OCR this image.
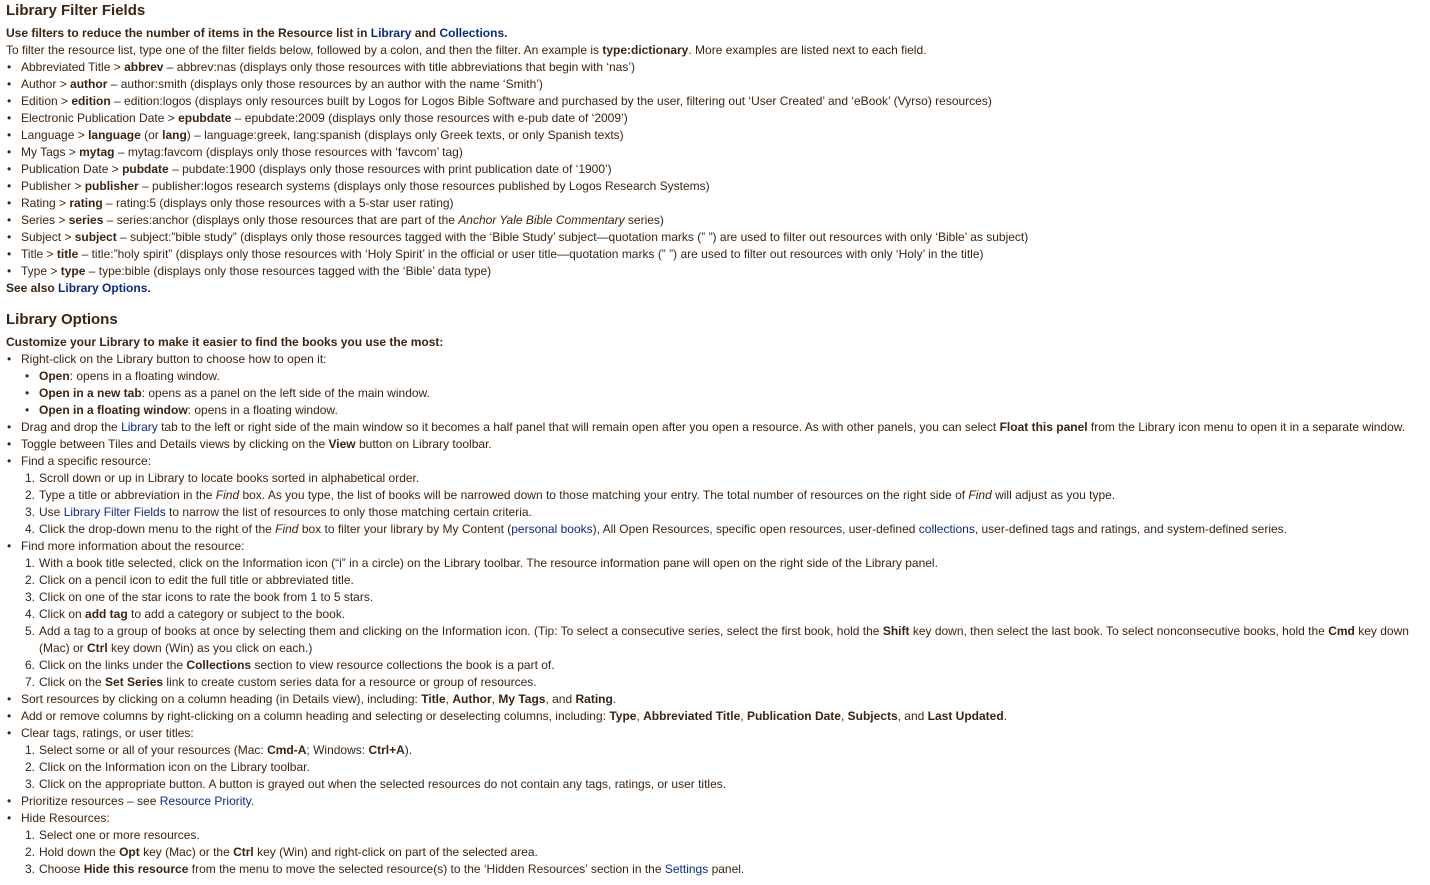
Library Filter Fields
Use filters to reduce the number of items in the Resource list in Library and Collections.
To filter the resource list, type one of the filter fields below, followed by a colon, and then the filter. An example is type:dictionary. More examples are listed next to each field.
• Abbreviated Title > abbrev – abbrev:nas (displays only those resources with title abbreviations that begin with ‘nas’)
• Author > author – author:smith (displays only those resources by an author with the name ‘Smith’)
• Edition > edition – edition:logos (displays only resources built by Logos for Logos Bible Software and purchased by the user, filtering out ‘User Created’ and ‘eBook’ (Vyrso) resources)
• Electronic Publication Date > epubdate – epubdate:2009 (displays only those resources with e-pub date of ‘2009’)
• Language > language (or lang) – language:greek, lang:spanish (displays only Greek texts, or only Spanish texts)
• My Tags > mytag – mytag:favcom (displays only those resources with ‘favcom’ tag)
• Publication Date > pubdate – pubdate:1900 (displays only those resources with print publication date of ‘1900’)
• Publisher > publisher – publisher:logos research systems (displays only those resources published by Logos Research Systems)
• Rating > rating – rating:5 (displays only those resources with a 5-star user rating)
• Series > series – series:anchor (displays only those resources that are part of the Anchor Yale Bible Commentary series)
• Subject > subject – subject:”bible study” (displays only those resources tagged with the ‘Bible Study’ subject—quotation marks (” ”) are used to filter out resources with only ‘Bible’ as subject)
• Title > title – title:”holy spirit” (displays only those resources with ‘Holy Spirit’ in the official or user title—quotation marks (” ”) are used to filter out resources with only ‘Holy’ in the title)
• Type > type – type:bible (displays only those resources tagged with the ‘Bible’ data type)
See also Library Options.
Library Options
Customize your Library to make it easier to find the books you use the most:
• Right-click on the Library button to choose how to open it:
• Open: opens in a floating window.
• Open in a new tab: opens as a panel on the left side of the main window.
• Open in a floating window: opens in a floating window.
• Drag and drop the Library tab to the left or right side of the main window so it becomes a half panel that will remain open after you open a resource. As with other panels, you can select Float this panel from the Library icon menu to open it in a separate window.
• Toggle between Tiles and Details views by clicking on the View button on Library toolbar.
• Find a specific resource:
1. Scroll down or up in Library to locate books sorted in alphabetical order.
2. Type a title or abbreviation in the Find box. As you type, the list of books will be narrowed down to those matching your entry. The total number of resources on the right side of Find will adjust as you type.
3. Use Library Filter Fields to narrow the list of resources to only those matching certain criteria.
4. Click the drop-down menu to the right of the Find box to filter your library by My Content (personal books), All Open Resources, specific open resources, user-defined collections, user-defined tags and ratings, and system-defined series.
• Find more information about the resource:
1. With a book title selected, click on the Information icon (“i” in a circle) on the Library toolbar. The resource information pane will open on the right side of the Library panel.
2. Click on a pencil icon to edit the full title or abbreviated title.
3. Click on one of the star icons to rate the book from 1 to 5 stars.
4. Click on add tag to add a category or subject to the book.
5. Add a tag to a group of books at once by selecting them and clicking on the Information icon. (Tip: To select a consecutive series, select the first book, hold the Shift key down, then select the last book. To select nonconsecutive books, hold the Cmd key down
(Mac) or Ctrl key down (Win) as you click on each.)
6. Click on the links under the Collections section to view resource collections the book is a part of.
7. Click on the Set Series link to create custom series data for a resource or group of resources.
• Sort resources by clicking on a column heading (in Details view), including: Title, Author, My Tags, and Rating.
• Add or remove columns by right-clicking on a column heading and selecting or deselecting columns, including: Type, Abbreviated Title, Publication Date, Subjects, and Last Updated.
• Clear tags, ratings, or user titles:
1. Select some or all of your resources (Mac: Cmd-A; Windows: Ctrl+A).
2. Click on the Information icon on the Library toolbar.
3. Click on the appropriate button. A button is grayed out when the selected resources do not contain any tags, ratings, or user titles.
• Prioritize resources – see Resource Priority.
• Hide Resources:
1. Select one or more resources.
2. Hold down the Opt key (Mac) or the Ctrl key (Win) and right-click on part of the selected area.
3. Choose Hide this resource from the menu to move the selected resource(s) to the ‘Hidden Resources’ section in the Settings panel.
